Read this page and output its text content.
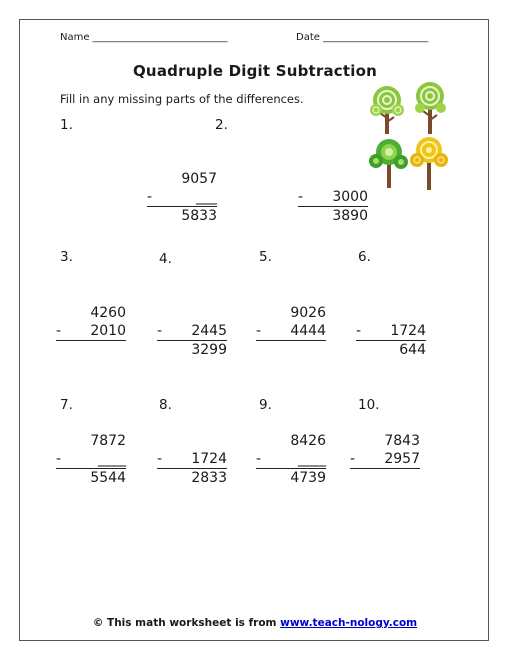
Name ___________________________	Date _____________________
Quadruple Digit Subtraction
Fill in any missing parts of the differences.
1.	2.
3.	4.	5.	6.
7.	8.	9.	10.
9057
-	___
5833

- 3000
3890
4260
- 2010

- 2445
3299
9026
- 4444

- 1724
644
7872
-	____
5544

- 1724
2833
8426
-	____
4739
7843
- 2957

© This math worksheet is from www.teach-nology.com
